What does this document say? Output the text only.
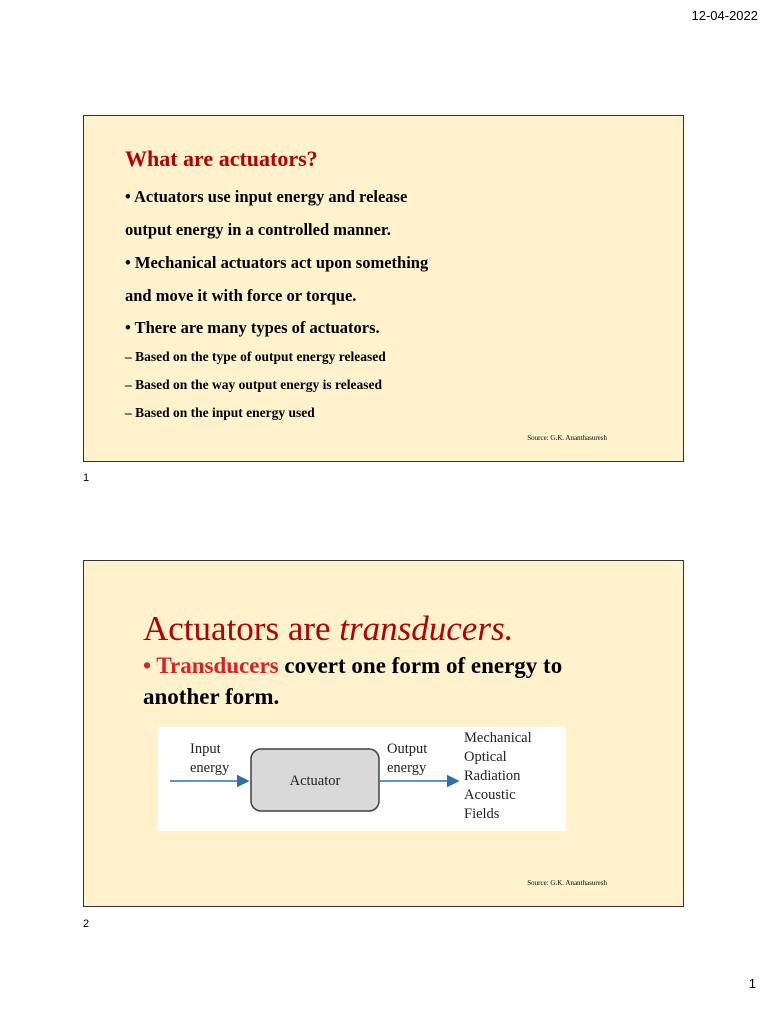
12-04-2022
What are actuators?
• Actuators use input energy and release
output energy in a controlled manner.
• Mechanical actuators act upon something
and move it with force or torque.
• There are many types of actuators.
– Based on the type of output energy released
– Based on the way output energy is released
– Based on the input energy used
Source: G.K. Ananthasuresh
1
Actuators are transducers.
• Transducers covert one form of energy to
another form.
Input
energy
Actuator
Output
energy
Mechanical
Optical
Radiation
Acoustic
Fields
Source: G.K. Ananthasuresh
2
1
